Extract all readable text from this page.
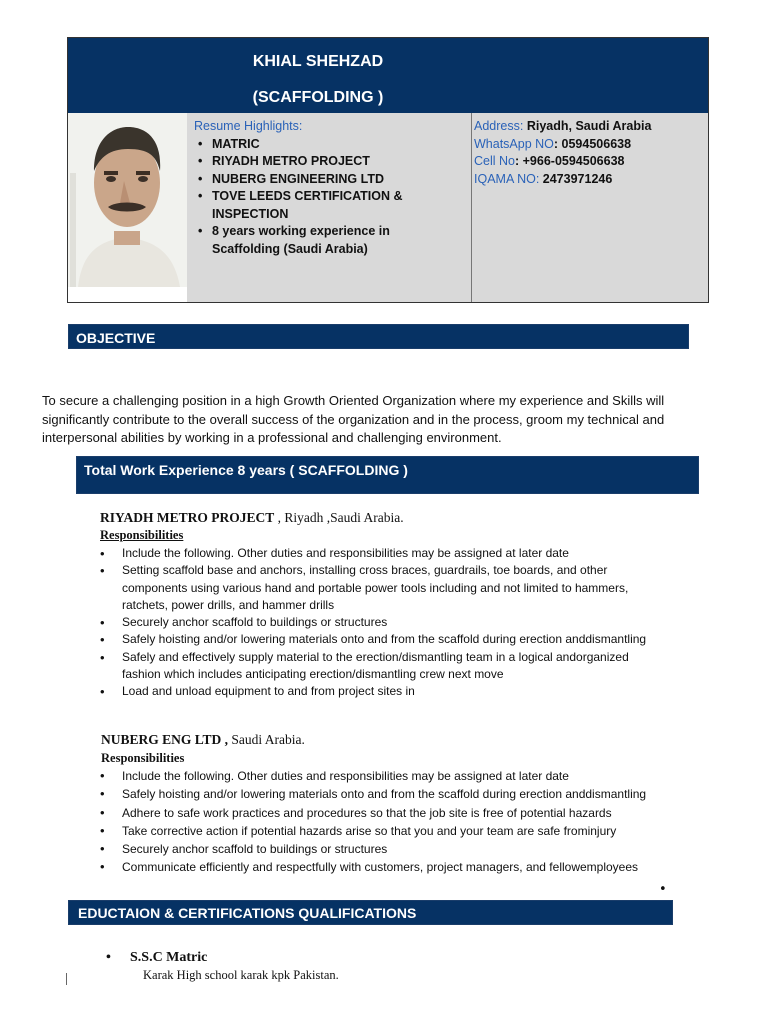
KHIAL SHEHZAD
(SCAFFOLDING )
Resume Highlights:
• MATRIC
• RIYADH METRO PROJECT
• NUBERG ENGINEERING LTD
• TOVE LEEDS CERTIFICATION & INSPECTION
• 8 years working experience in Scaffolding (Saudi Arabia)
Address: Riyadh, Saudi Arabia
WhatsApp NO: 0594506638
Cell No: +966-0594506638
IQAMA NO: 2473971246
OBJECTIVE
To secure a challenging position in a high Growth Oriented Organization where my experience and Skills will significantly contribute to the overall success of the organization and in the process, groom my technical and interpersonal abilities by working in a professional and challenging environment.
Total Work Experience 8 years ( SCAFFOLDING )
RIYADH METRO PROJECT , Riyadh ,Saudi Arabia.
Responsibilities
• Include the following. Other duties and responsibilities may be assigned at later date
• Setting scaffold base and anchors, installing cross braces, guardrails, toe boards, and other components using various hand and portable power tools including and not limited to hammers, ratchets, power drills, and hammer drills
• Securely anchor scaffold to buildings or structures
• Safely hoisting and/or lowering materials onto and from the scaffold during erection anddismantling
• Safely and effectively supply material to the erection/dismantling team in a logical andorganized fashion which includes anticipating erection/dismantling crew next move
• Load and unload equipment to and from project sites in
NUBERG ENG LTD , Saudi Arabia.
Responsibilities
• Include the following. Other duties and responsibilities may be assigned at later date
• Safely hoisting and/or lowering materials onto and from the scaffold during erection anddismantling
• Adhere to safe work practices and procedures so that the job site is free of potential hazards
• Take corrective action if potential hazards arise so that you and your team are safe frominjury
• Securely anchor scaffold to buildings or structures
• Communicate efficiently and respectfully with customers, project managers, and fellowemployees
•
EDUCTAION & CERTIFICATIONS QUALIFICATIONS
• S.S.C Matric
Karak High school karak kpk Pakistan.
